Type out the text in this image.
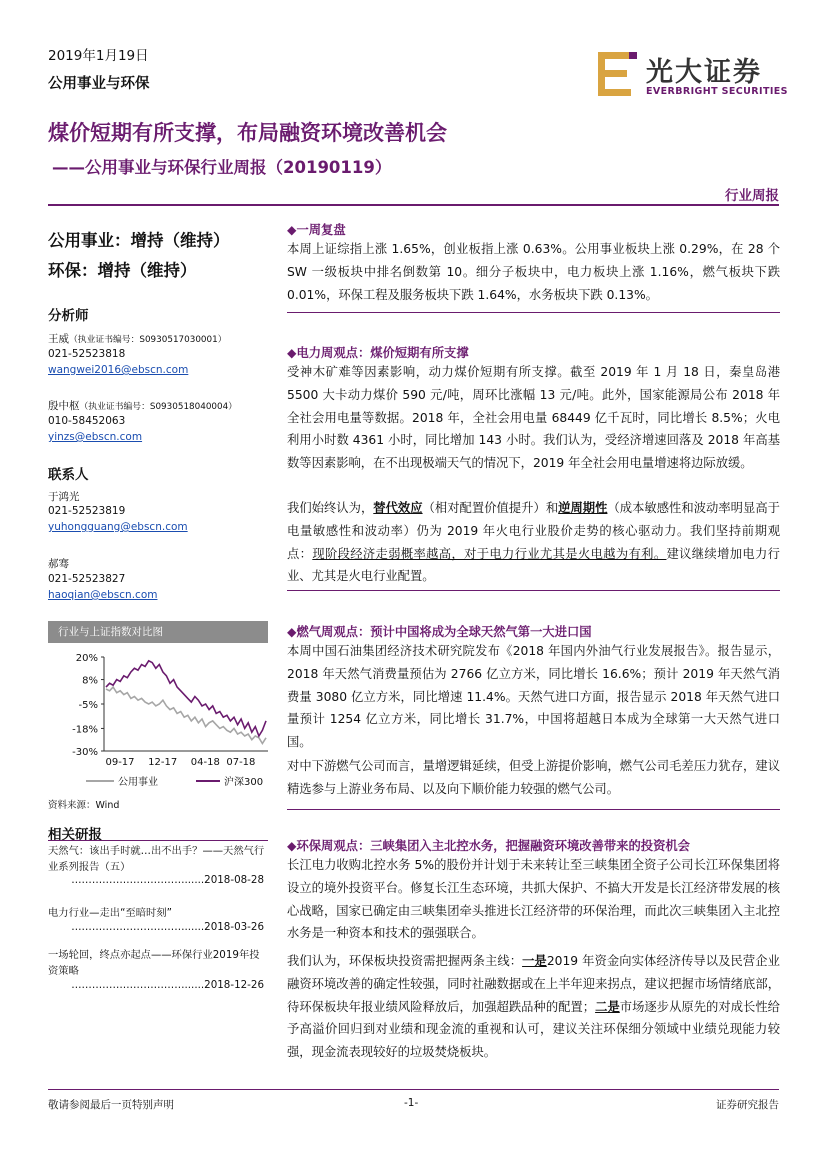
2019年1月19日
公用事业与环保	光大证券
EVERBRIGHT SECURITIES
煤价短期有所支撑，布局融资环境改善机会
——公用事业与环保行业周报（20190119）
行业周报
公用事业：增持（维持）
环保：增持（维持）
分析师
王威（执业证书编号：S0930517030001）
021-52523818
wangwei2016@ebscn.com
殷中枢（执业证书编号：S0930518040004）
010-58452063
yinzs@ebscn.com
联系人
于鸿光
021-52523819
yuhongguang@ebscn.com
郝骞
021-52523827
haoqian@ebscn.com
行业与上证指数对比图
20%
8%
-5%
-18%
-30%
09-17 12-17 04-18 07-18
公用事业	沪深300
资料来源：Wind
相关研报
天然气：该出手时就…出不出手？——天然气行业系列报告（五）
……………………………......2018-08-28
电力行业—走出“至暗时刻”
……………………………......2018-03-26
一场轮回，终点亦起点——环保行业2019年投资策略
……………………………......2018-12-26
◆一周复盘
本周上证综指上涨 1.65%，创业板指上涨 0.63%。公用事业板块上涨 0.29%，在 28 个 SW 一级板块中排名倒数第 10。细分子板块中，电力板块上涨 1.16%，燃气板块下跌 0.01%，环保工程及服务板块下跌 1.64%，水务板块下跌 0.13%。
◆电力周观点：煤价短期有所支撑
受神木矿难等因素影响，动力煤价短期有所支撑。截至 2019 年 1 月 18 日，秦皇岛港 5500 大卡动力煤价 590 元/吨，周环比涨幅 13 元/吨。此外，国家能源局公布 2018 年全社会用电量等数据。2018 年，全社会用电量 68449 亿千瓦时，同比增长 8.5%；火电利用小时数 4361 小时，同比增加 143 小时。我们认为，受经济增速回落及 2018 年高基数等因素影响，在不出现极端天气的情况下，2019 年全社会用电量增速将边际放缓。
我们始终认为，替代效应（相对配置价值提升）和逆周期性（成本敏感性和波动率明显高于电量敏感性和波动率）仍为 2019 年火电行业股价走势的核心驱动力。我们坚持前期观点：现阶段经济走弱概率越高，对于电力行业尤其是火电越为有利。建议继续增加电力行业、尤其是火电行业配置。
◆燃气周观点：预计中国将成为全球天然气第一大进口国
本周中国石油集团经济技术研究院发布《2018 年国内外油气行业发展报告》。报告显示，2018 年天然气消费量预估为 2766 亿立方米，同比增长 16.6%；预计 2019 年天然气消费量 3080 亿立方米，同比增速 11.4%。天然气进口方面，报告显示 2018 年天然气进口量预计 1254 亿立方米，同比增长 31.7%，中国将超越日本成为全球第一大天然气进口国。
对中下游燃气公司而言，量增逻辑延续，但受上游提价影响，燃气公司毛差压力犹存，建议精选参与上游业务布局、以及向下顺价能力较强的燃气公司。
◆环保周观点：三峡集团入主北控水务，把握融资环境改善带来的投资机会
长江电力收购北控水务 5%的股份并计划于未来转让至三峡集团全资子公司长江环保集团将设立的境外投资平台。修复长江生态环境，共抓大保护、不搞大开发是长江经济带发展的核心战略，国家已确定由三峡集团牵头推进长江经济带的环保治理，而此次三峡集团入主北控水务是一种资本和技术的强强联合。
我们认为，环保板块投资需把握两条主线：一是2019 年资金向实体经济传导以及民营企业融资环境改善的确定性较强，同时社融数据或在上半年迎来拐点，建议把握市场情绪底部，待环保板块年报业绩风险释放后，加强超跌品种的配置；二是市场逐步从原先的对成长性给予高溢价回归到对业绩和现金流的重视和认可，建议关注环保细分领域中业绩兑现能力较强，现金流表现较好的垃圾焚烧板块。
敬请参阅最后一页特别声明	-1-	证券研究报告
